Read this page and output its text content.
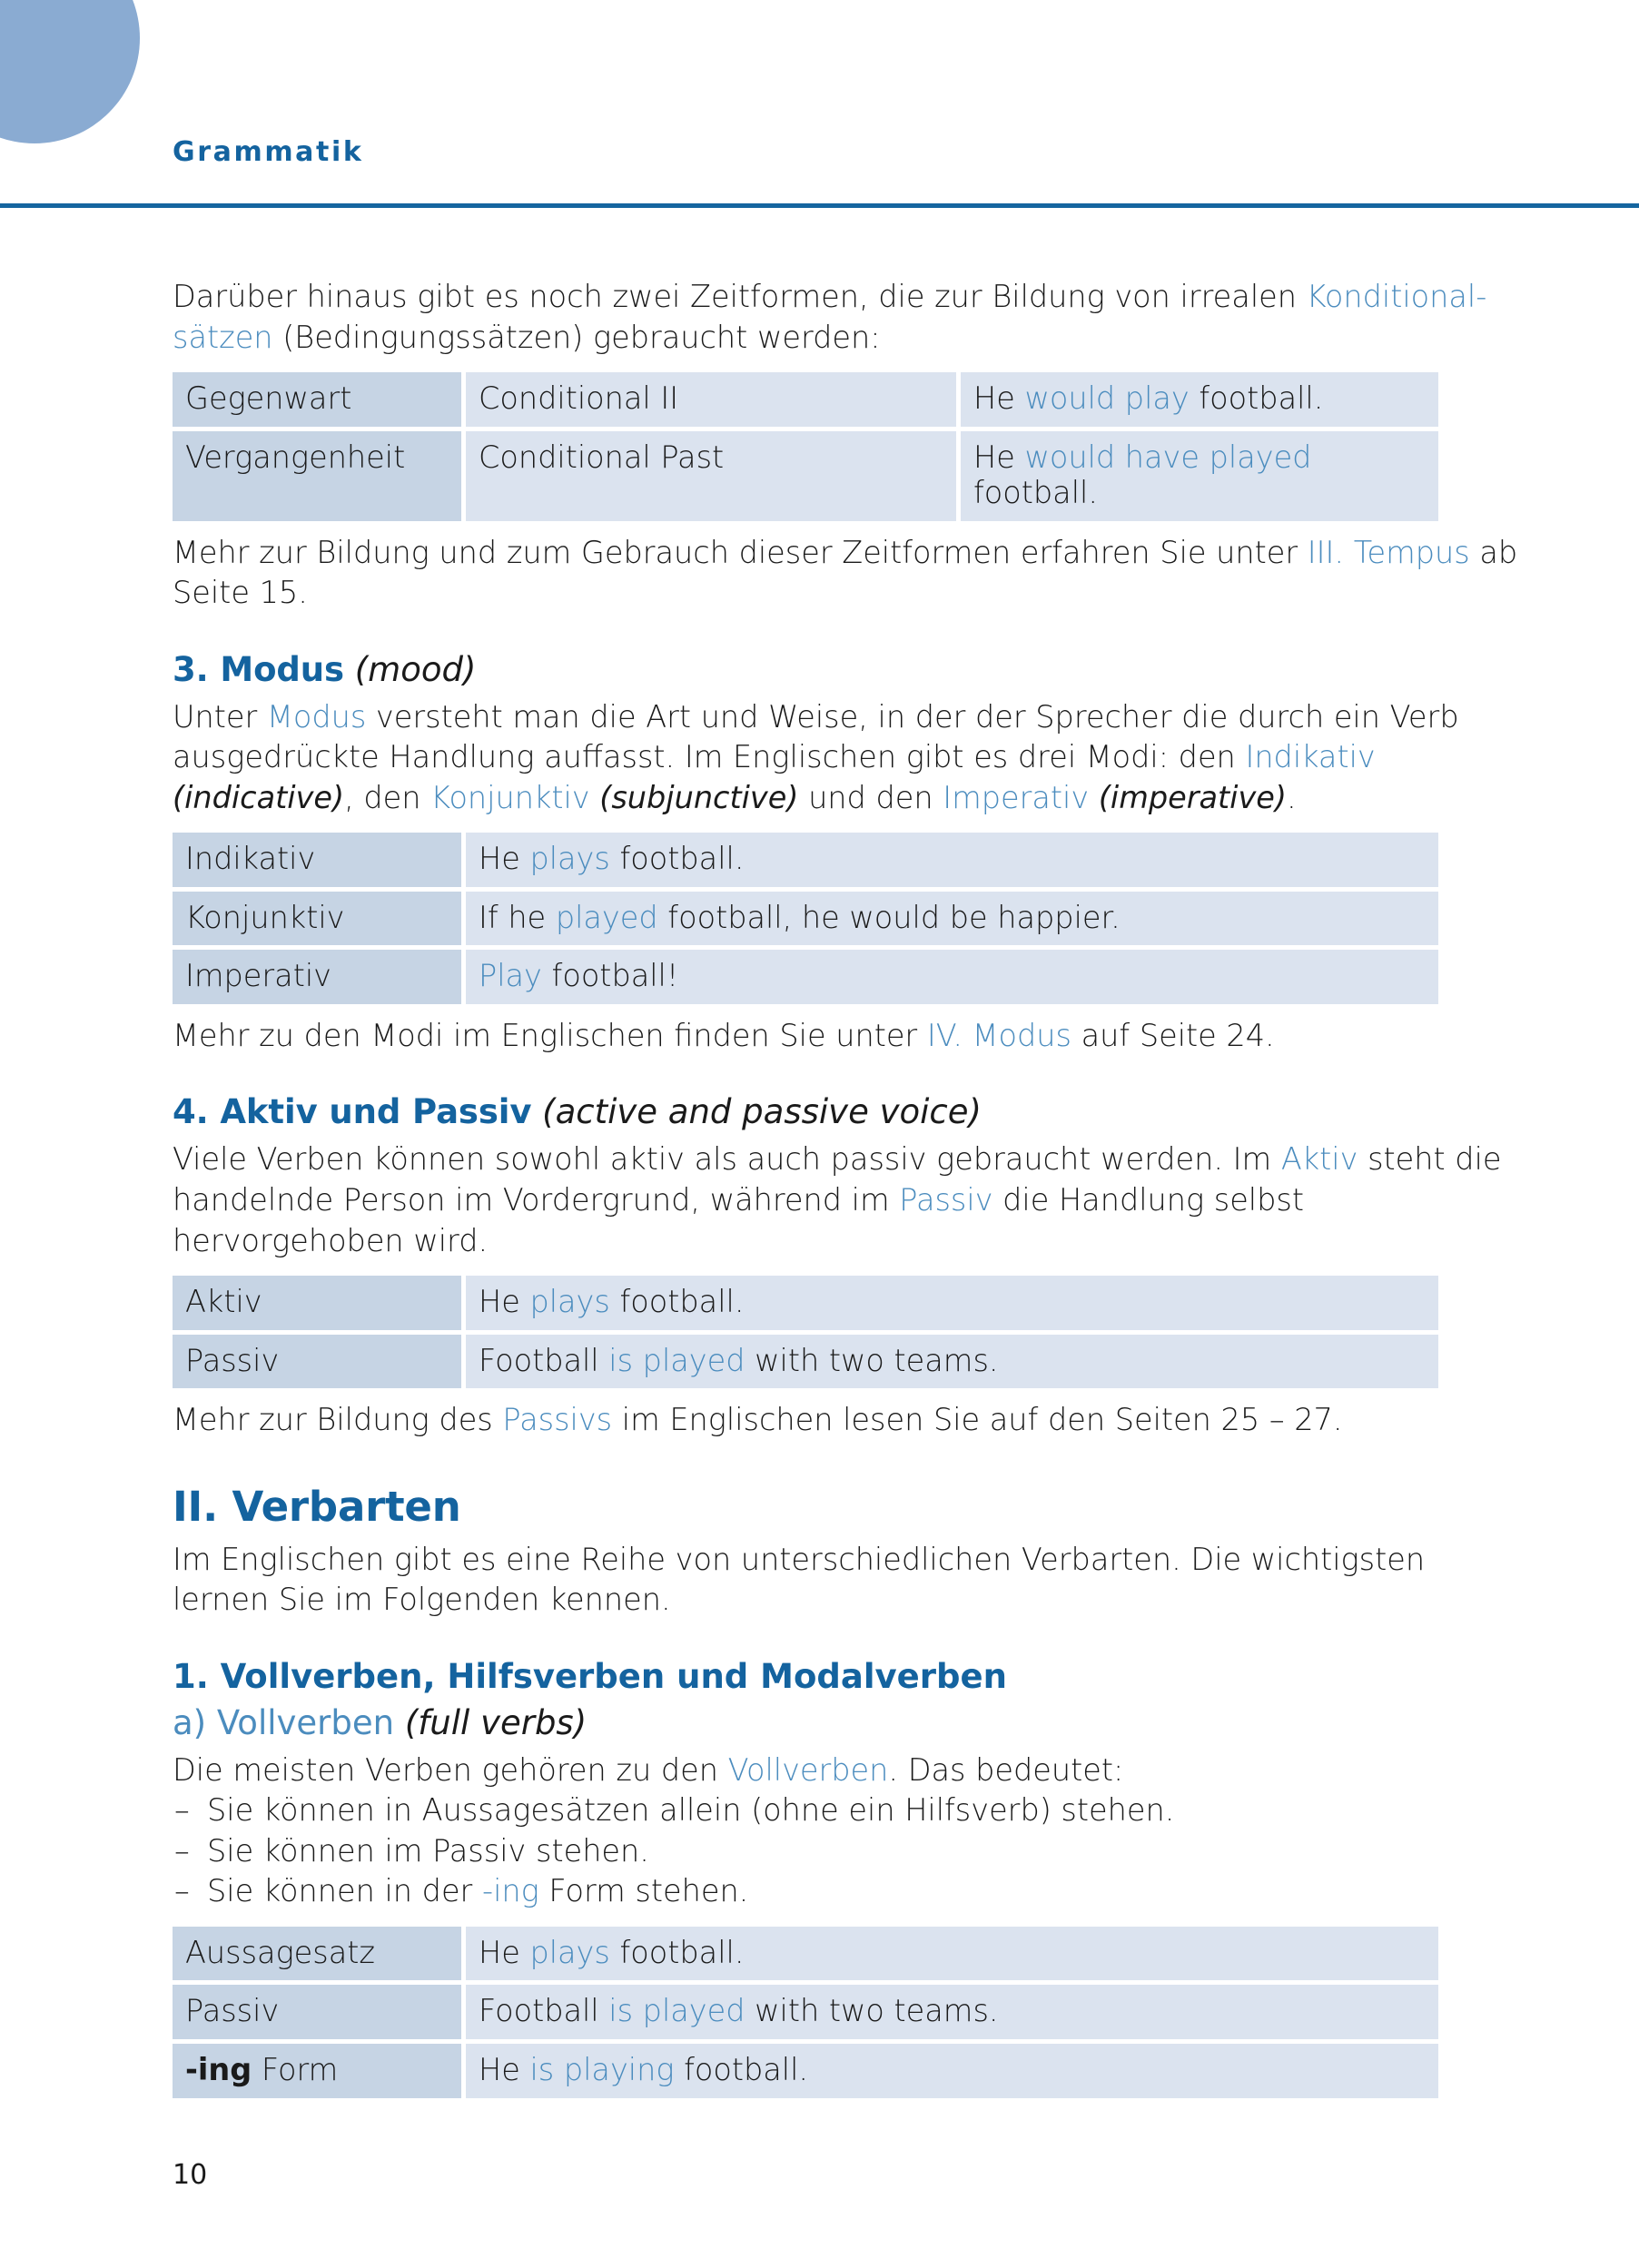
Grammatik

Darüber hinaus gibt es noch zwei Zeitformen, die zur Bildung von irrealen Konditional-sätzen (Bedingungssätzen) gebraucht werden:

Gegenwart	Conditional II	He would play football.
Vergangenheit	Conditional Past	He would have played football.

Mehr zur Bildung und zum Gebrauch dieser Zeitformen erfahren Sie unter III. Tempus ab Seite 15.

3. Modus (mood)

Unter Modus versteht man die Art und Weise, in der der Sprecher die durch ein Verb ausgedrückte Handlung auffasst. Im Englischen gibt es drei Modi: den Indikativ (indicative), den Konjunktiv (subjunctive) und den Imperativ (imperative).

Indikativ	He plays football.
Konjunktiv	If he played football, he would be happier.
Imperativ	Play football!

Mehr zu den Modi im Englischen finden Sie unter IV. Modus auf Seite 24.

4. Aktiv und Passiv (active and passive voice)

Viele Verben können sowohl aktiv als auch passiv gebraucht werden. Im Aktiv steht die handelnde Person im Vordergrund, während im Passiv die Handlung selbst hervorgehoben wird.

Aktiv	He plays football.
Passiv	Football is played with two teams.

Mehr zur Bildung des Passivs im Englischen lesen Sie auf den Seiten 25 – 27.

II. Verbarten

Im Englischen gibt es eine Reihe von unterschiedlichen Verbarten. Die wichtigsten lernen Sie im Folgenden kennen.

1. Vollverben, Hilfsverben und Modalverben
a) Vollverben (full verbs)

Die meisten Verben gehören zu den Vollverben. Das bedeutet:

– Sie können in Aussagesätzen allein (ohne ein Hilfsverb) stehen.
– Sie können im Passiv stehen.
– Sie können in der -ing Form stehen.
Aussagesatz	He plays football.
Passiv	Football is played with two teams.
-ing Form	He is playing football.
10
